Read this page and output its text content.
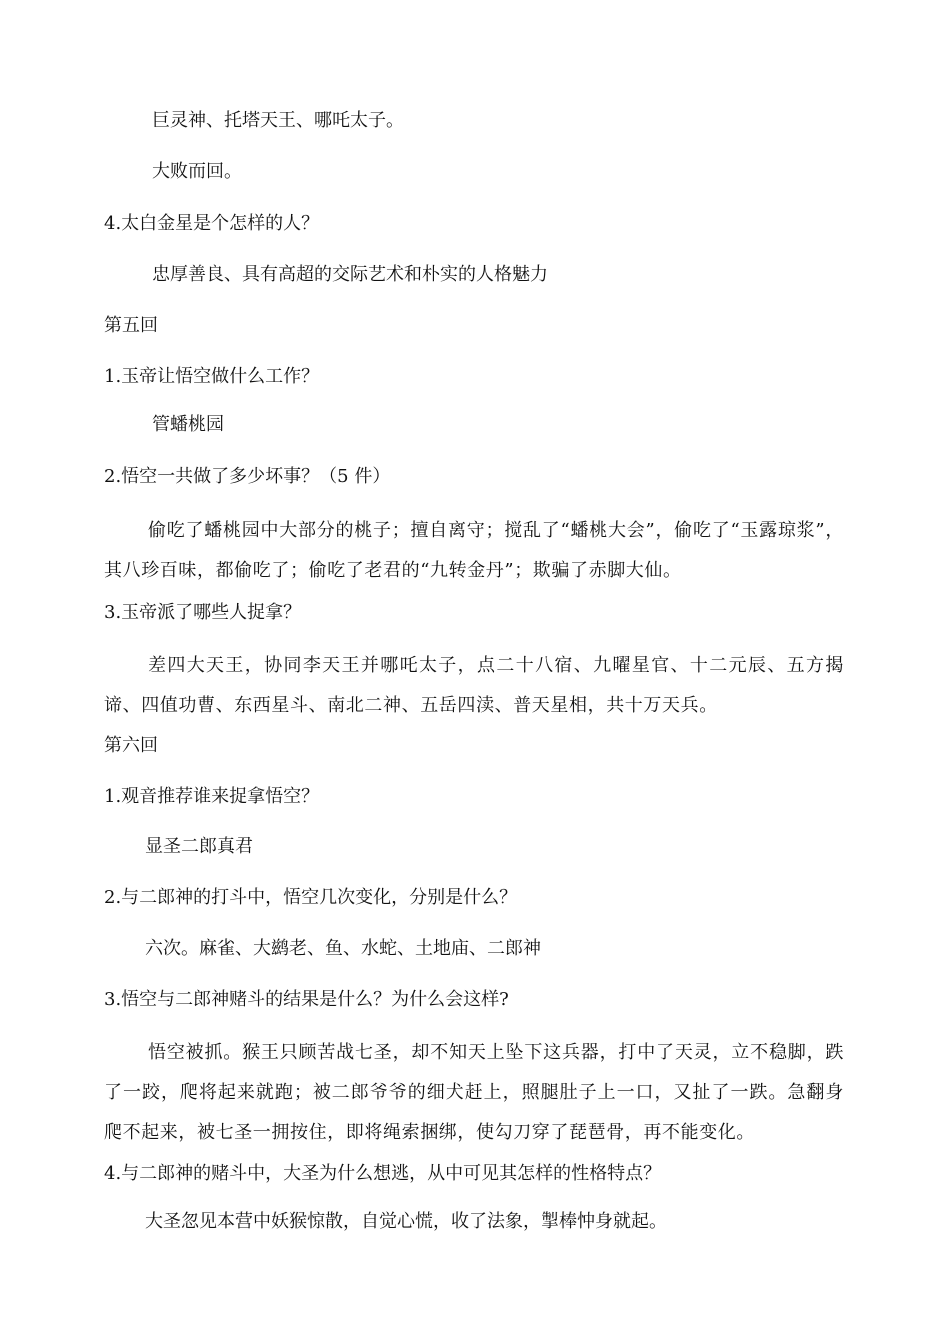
巨灵神、托塔天王、哪吒太子。

大败而回。

4.太白金星是个怎样的人？

忠厚善良、具有高超的交际艺术和朴实的人格魅力

第五回

1.玉帝让悟空做什么工作？

管蟠桃园

2.悟空一共做了多少坏事？（5 件）

偷吃了蟠桃园中大部分的桃子；擅自离守；搅乱了“蟠桃大会”，偷吃了“玉露琼浆”，其八珍百味，都偷吃了；偷吃了老君的“九转金丹”；欺骗了赤脚大仙。

3.玉帝派了哪些人捉拿？

差四大天王，协同李天王并哪吒太子，点二十八宿、九曜星官、十二元辰、五方揭谛、四值功曹、东西星斗、南北二神、五岳四渎、普天星相，共十万天兵。

第六回

1.观音推荐谁来捉拿悟空？

显圣二郎真君

2.与二郎神的打斗中，悟空几次变化，分别是什么？

六次。麻雀、大鹚老、鱼、水蛇、土地庙、二郎神

3.悟空与二郎神赌斗的结果是什么？为什么会这样?

悟空被抓。猴王只顾苦战七圣，却不知天上坠下这兵器，打中了天灵，立不稳脚，跌了一跤，爬将起来就跑；被二郎爷爷的细犬赶上，照腿肚子上一口，又扯了一跌。急翻身爬不起来，被七圣一拥按住，即将绳索捆绑，使勾刀穿了琵琶骨，再不能变化。

4.与二郎神的赌斗中，大圣为什么想逃，从中可见其怎样的性格特点？

大圣忽见本营中妖猴惊散，自觉心慌，收了法象，掣棒忡身就起。
